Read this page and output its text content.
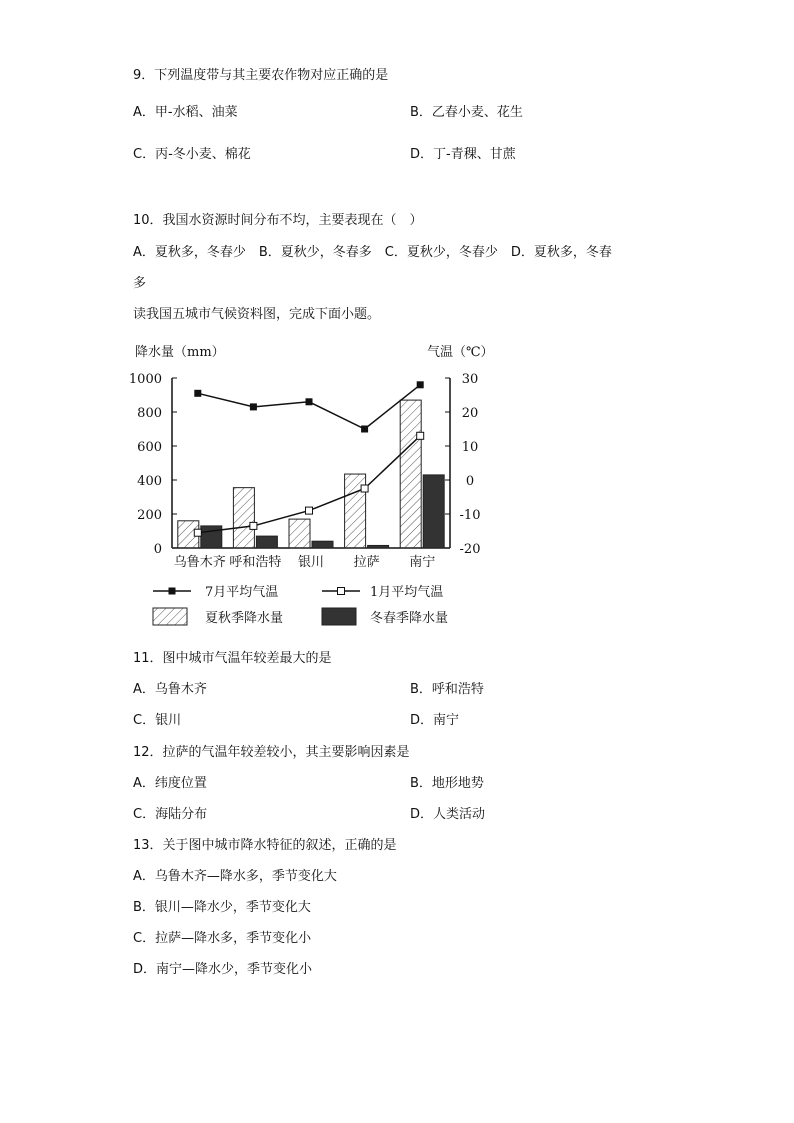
9．下列温度带与其主要农作物对应正确的是
A．甲-水稻、油菜	B．乙春小麦、花生
C．丙-冬小麦、棉花	D．丁-青稞、甘蔗
10．我国水资源时间分布不均，主要表现在（　）
A．夏秋多，冬春少　B．夏秋少，冬春多　C．夏秋少，冬春少　D．夏秋多，冬春
多
读我国五城市气候资料图，完成下面小题。
降水量（mm）	气温（℃）
0
200
400
600
800
1000
-20
-10
0
10
20
30
乌鲁木齐 呼和浩特 银川 拉萨 南宁
7月平均气温	1月平均气温
夏秋季降水量	冬春季降水量
11．图中城市气温年较差最大的是
A．乌鲁木齐	B．呼和浩特
C．银川	D．南宁
12．拉萨的气温年较差较小，其主要影响因素是
A．纬度位置	B．地形地势
C．海陆分布	D．人类活动
13．关于图中城市降水特征的叙述，正确的是
A．乌鲁木齐—降水多，季节变化大
B．银川—降水少，季节变化大
C．拉萨—降水多，季节变化小
D．南宁—降水少，季节变化小
